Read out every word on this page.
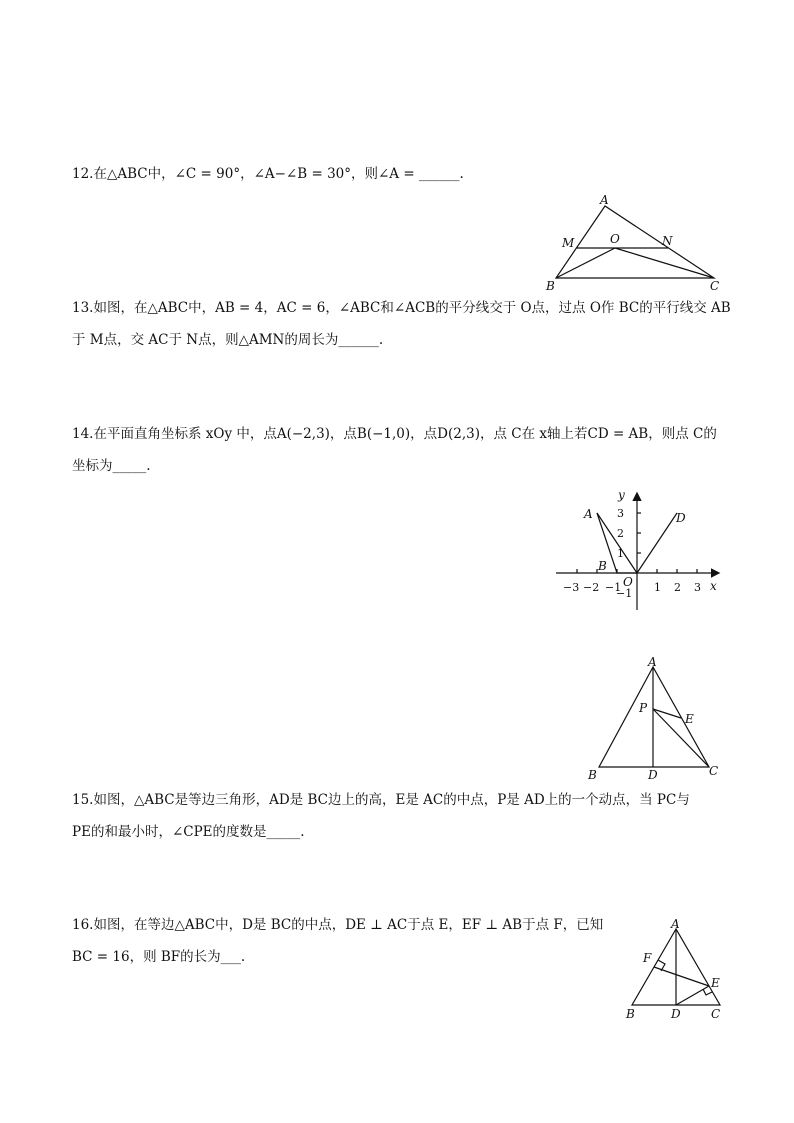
12.在△ABC中，∠C = 90°，∠A−∠B = 30°，则∠A = ______.
A
M	O	N
B	C
13.如图，在△ABC中，AB = 4，AC = 6，∠ABC和∠ACB的平分线交于 O点，过点 O作 BC的平行线交 AB
于 M点，交 AC于 N点，则△AMN的周长为______.
14.在平面直角坐标系 xOy 中，点A(−2,3)，点B(−1,0)，点D(2,3)，点 C在 x轴上若CD = AB，则点 C的
坐标为_____.
A
B
D
O	x
y
−3 −2 −1	1 2 3
3
2
1
−1
A
P
E
B	D	C
15.如图，△ABC是等边三角形，AD是 BC边上的高，E是 AC的中点，P是 AD上的一个动点，当 PC与
PE的和最小时，∠CPE的度数是_____.
16.如图，在等边△ABC中，D是 BC的中点，DE ⊥ AC于点 E，EF ⊥ AB于点 F，已知
BC = 16，则 BF的长为___.
A
F
E
B	D	C
